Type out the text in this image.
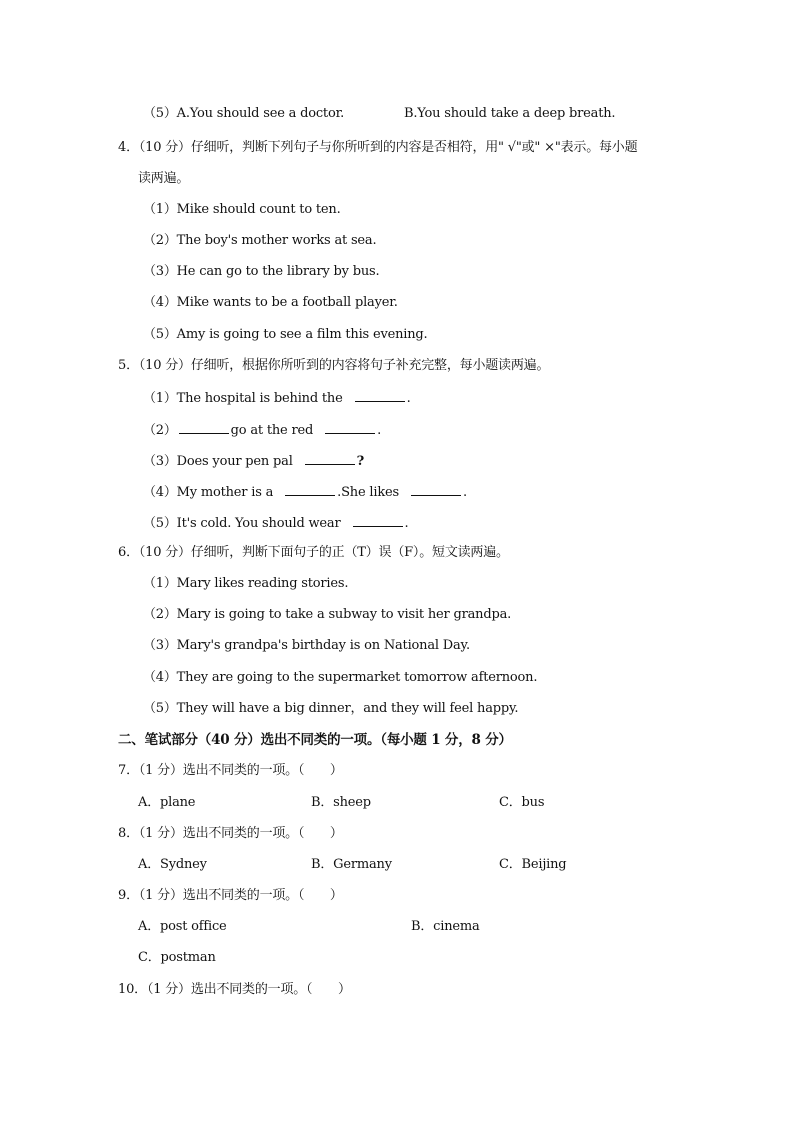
（5）A.You should see a doctor.	B.You should take a deep breath.
4．（10 分）仔细听，判断下列句子与你所听到的内容是否相符，用" √"或" ×"表示。每小题
读两遍。
（1）Mike should count to ten.
（2）The boy's mother works at sea.
（3）He can go to the library by bus.
（4）Mike wants to be a football player.
（5）Amy is going to see a film this evening.
5．（10 分）仔细听，根据你所听到的内容将句子补充完整，每小题读两遍。
（1）The hospital is behind the	.
（2）	go at the red	.
（3）Does your pen pal	?
（4）My mother is a	.She likes	.
（5）It's cold. You should wear	.
6．（10 分）仔细听，判断下面句子的正（T）误（F）。短文读两遍。
（1）Mary likes reading stories.
（2）Mary is going to take a subway to visit her grandpa.
（3）Mary's grandpa's birthday is on National Day.
（4）They are going to the supermarket tomorrow afternoon.
（5）They will have a big dinner，and they will feel happy.
二、笔试部分（40 分）选出不同类的一项。（每小题 1 分，8 分）
7．（1 分）选出不同类的一项。（　　）
A．plane	B．sheep	C．bus
8．（1 分）选出不同类的一项。（　　）
A．Sydney	B．Germany	C．Beijing
9．（1 分）选出不同类的一项。（　　）
A．post office	B．cinema
C．postman
10．（1 分）选出不同类的一项。（　　）
